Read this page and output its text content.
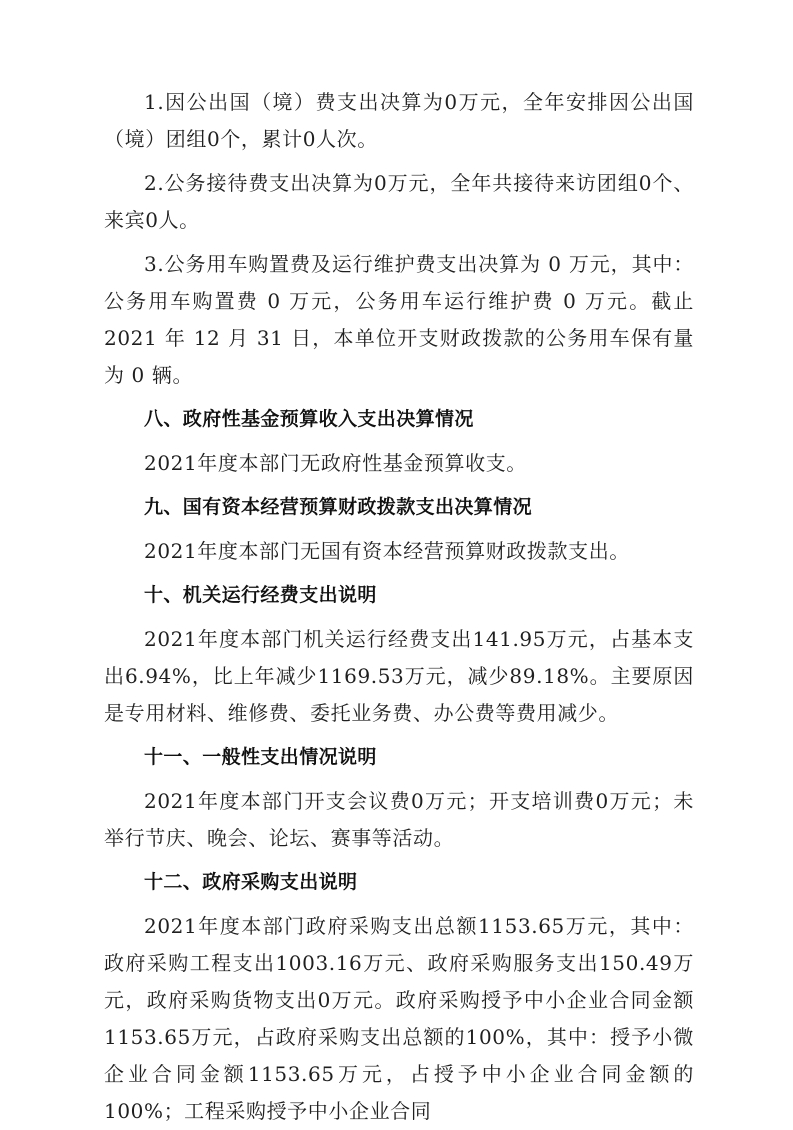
1.因公出国（境）费支出决算为0万元，全年安排因公出国（境）团组0个，累计0人次。

2.公务接待费支出决算为0万元，全年共接待来访团组0个、来宾0人。

3.公务用车购置费及运行维护费支出决算为 0 万元，其中：公务用车购置费 0 万元，公务用车运行维护费 0 万元。截止 2021 年 12 月 31 日，本单位开支财政拨款的公务用车保有量为 0 辆。

八、政府性基金预算收入支出决算情况

2021年度本部门无政府性基金预算收支。

九、国有资本经营预算财政拨款支出决算情况

2021年度本部门无国有资本经营预算财政拨款支出。

十、机关运行经费支出说明

2021年度本部门机关运行经费支出141.95万元，占基本支出6.94%，比上年减少1169.53万元，减少89.18%。主要原因是专用材料、维修费、委托业务费、办公费等费用减少。

十一、一般性支出情况说明

2021年度本部门开支会议费0万元；开支培训费0万元；未举行节庆、晚会、论坛、赛事等活动。

十二、政府采购支出说明

2021年度本部门政府采购支出总额1153.65万元，其中：政府采购工程支出1003.16万元、政府采购服务支出150.49万元，政府采购货物支出0万元。政府采购授予中小企业合同金额1153.65万元，占政府采购支出总额的100%，其中：授予小微企业合同金额1153.65万元，占授予中小企业合同金额的100%；工程采购授予中小企业合同
